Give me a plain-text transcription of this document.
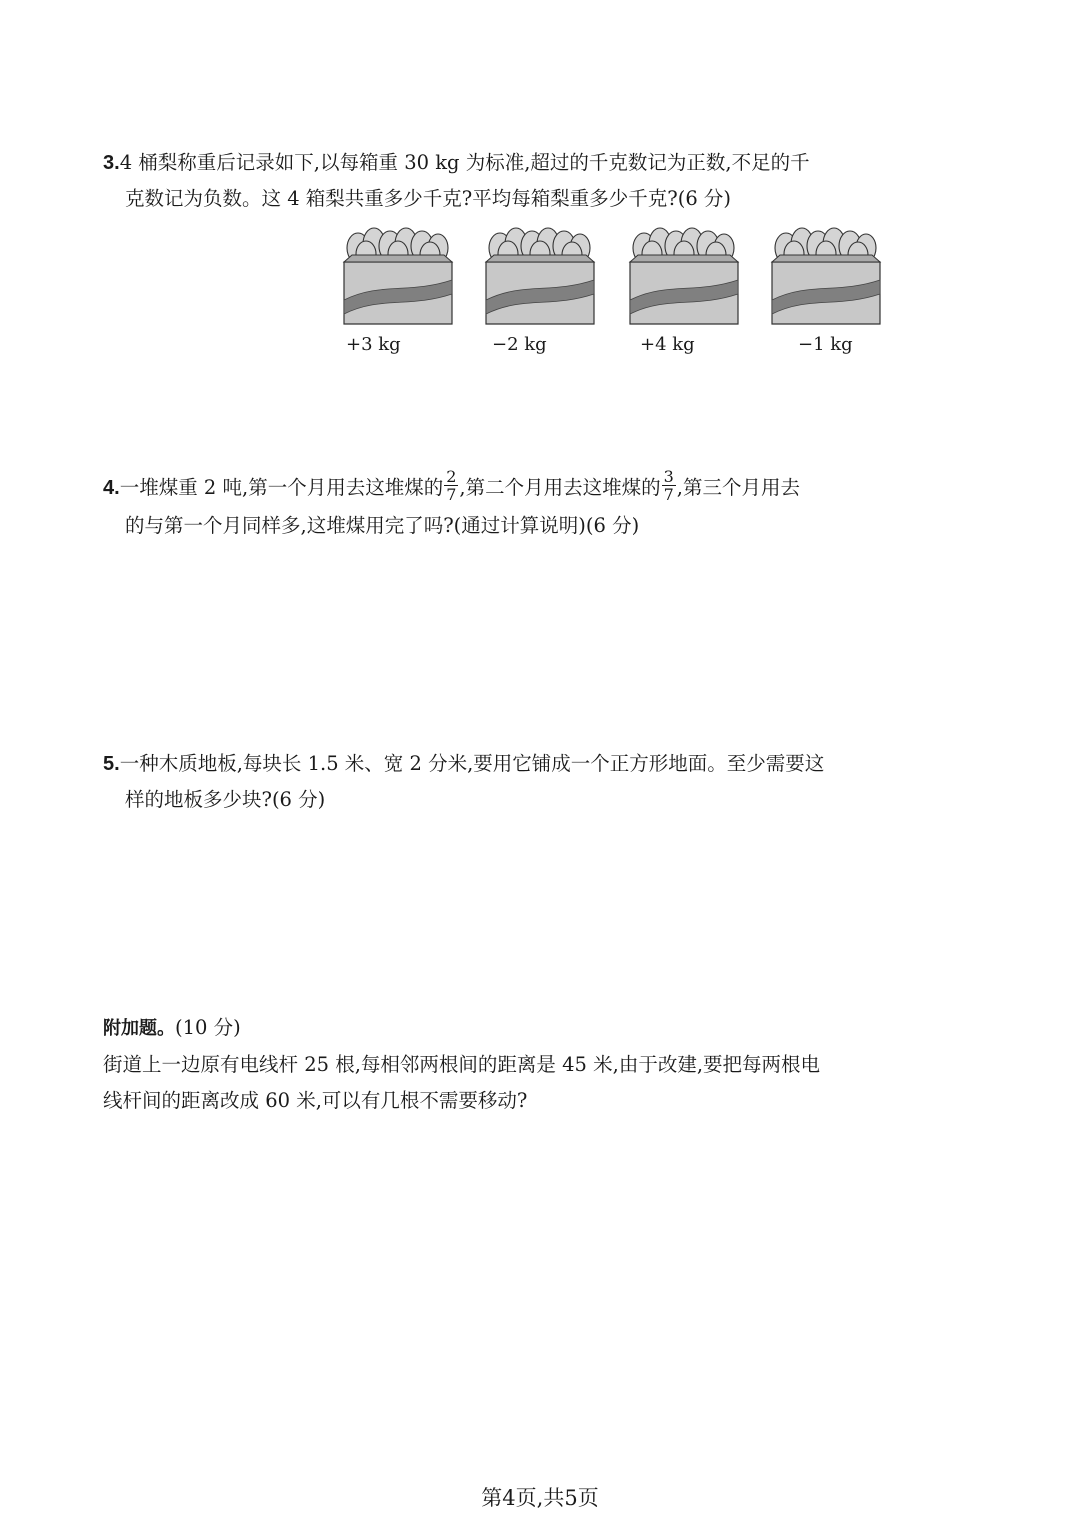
3.4 桶梨称重后记录如下,以每箱重 30 kg 为标准,超过的千克数记为正数,不足的千
克数记为负数。这 4 箱梨共重多少千克?平均每箱梨重多少千克?(6 分)
+3 kg	−2 kg	+4 kg	−1 kg
4.一堆煤重 2 吨,第一个月用去这堆煤的 $\frac{2}{7}$ ,第二个月用去这堆煤的 $\frac{3}{7}$ ,第三个月用去
的与第一个月同样多,这堆煤用完了吗?(通过计算说明)(6 分)
5.一种木质地板,每块长 1.5 米、宽 2 分米,要用它铺成一个正方形地面。至少需要这
样的地板多少块?(6 分)
附加题。(10 分)
街道上一边原有电线杆 25 根,每相邻两根间的距离是 45 米,由于改建,要把每两根电
线杆间的距离改成 60 米,可以有几根不需要移动?
第4页,共5页
